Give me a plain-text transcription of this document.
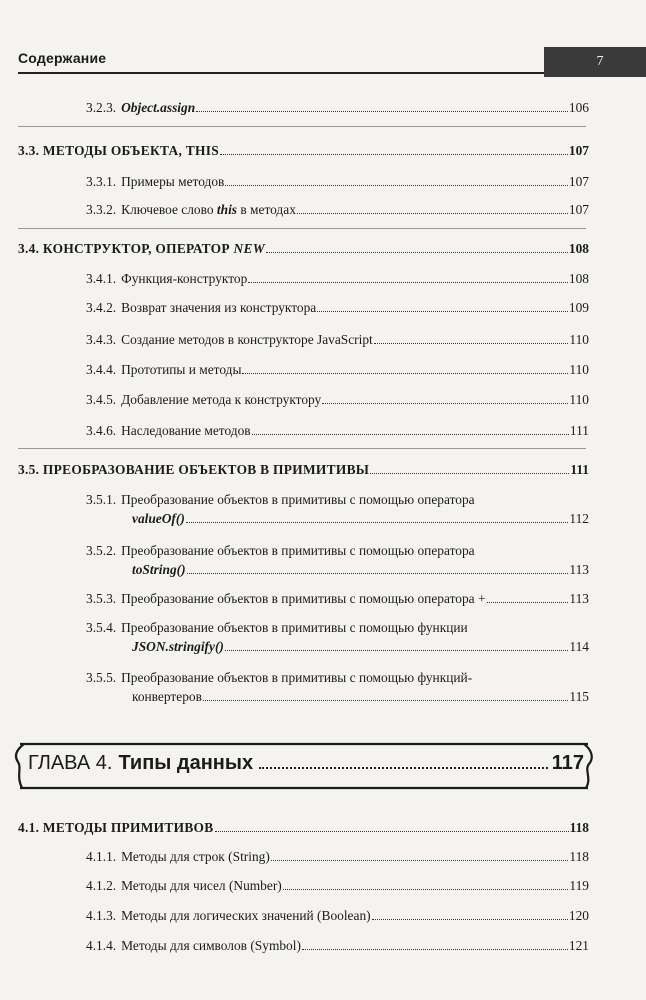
Содержание	7
3.2.3. Object.assign	106
3.3. МЕТОДЫ ОБЪЕКТА, THIS	107
3.3.1. Примеры методов	107
3.3.2. Ключевое слово this в методах	107
3.4. КОНСТРУКТОР, ОПЕРАТОР NEW	108
3.4.1. Функция-конструктор	108
3.4.2. Возврат значения из конструктора	109
3.4.3. Создание методов в конструкторе JavaScript	110
3.4.4. Прототипы и методы	110
3.4.5. Добавление метода к конструктору	110
3.4.6. Наследование методов	111
3.5. ПРЕОБРАЗОВАНИЕ ОБЪЕКТОВ В ПРИМИТИВЫ	111
3.5.1. Преобразование объектов в примитивы с помощью оператора
valueOf()	112
3.5.2. Преобразование объектов в примитивы с помощью оператора
toString()	113
3.5.3. Преобразование объектов в примитивы с помощью оператора +	113
3.5.4. Преобразование объектов в примитивы с помощью функции
JSON.stringify()	114
3.5.5. Преобразование объектов в примитивы с помощью функций-
конвертеров	115
ГЛАВА 4. Типы данных	117
4.1. МЕТОДЫ ПРИМИТИВОВ	118
4.1.1. Методы для строк (String)	118
4.1.2. Методы для чисел (Number)	119
4.1.3. Методы для логических значений (Boolean)	120
4.1.4. Методы для символов (Symbol)	121
